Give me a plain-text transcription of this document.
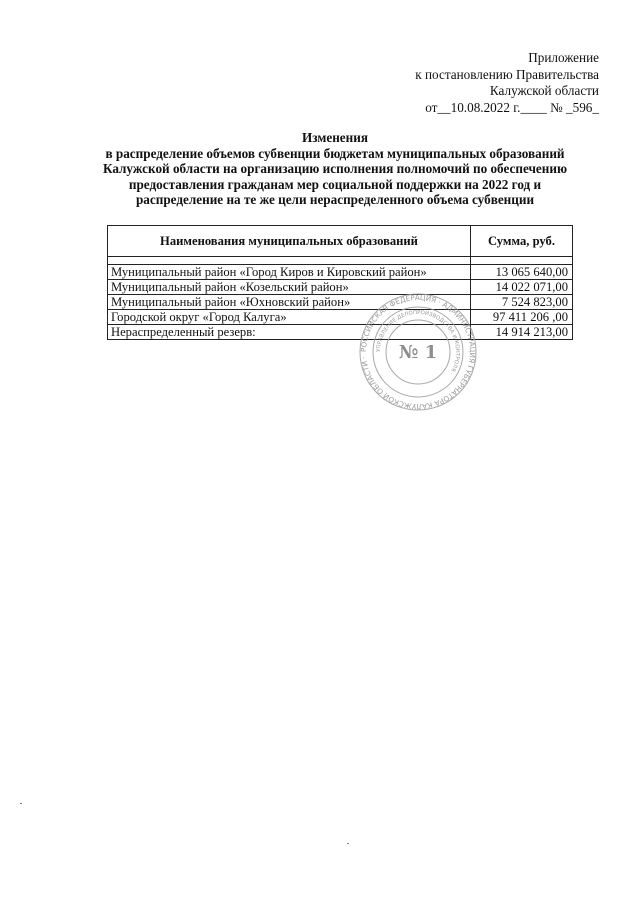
Приложение
к постановлению Правительства
Калужской области
от__10.08.2022 г.____ № _596_
Изменения
в распределение объемов субвенции бюджетам муниципальных образований
Калужской области на организацию исполнения полномочий по обеспечению
предоставления гражданам мер социальной поддержки на 2022 год и
распределение на те же цели нераспределенного объема субвенции
Наименования муниципальных образований	Сумма, руб.

Муниципальный район «Город Киров и Кировский район»	13 065 640,00
Муниципальный район «Козельский район»	14 022 071,00
Муниципальный район «Юхновский район»	7 524 823,00
Городской округ «Город Калуга»	97 411 206 ,00
Нераспределенный резерв:	14 914 213,00
РОССИЙСКАЯ ФЕДЕРАЦИЯ · АДМИНИСТРАЦИЯ ГУБЕРНАТОРА КАЛУЖСКОЙ ОБЛАСТИ ·
УПРАВЛЕНИЕ ДЕЛОПРОИЗВОДСТВА И КОНТРОЛЯ ·
№ 1
